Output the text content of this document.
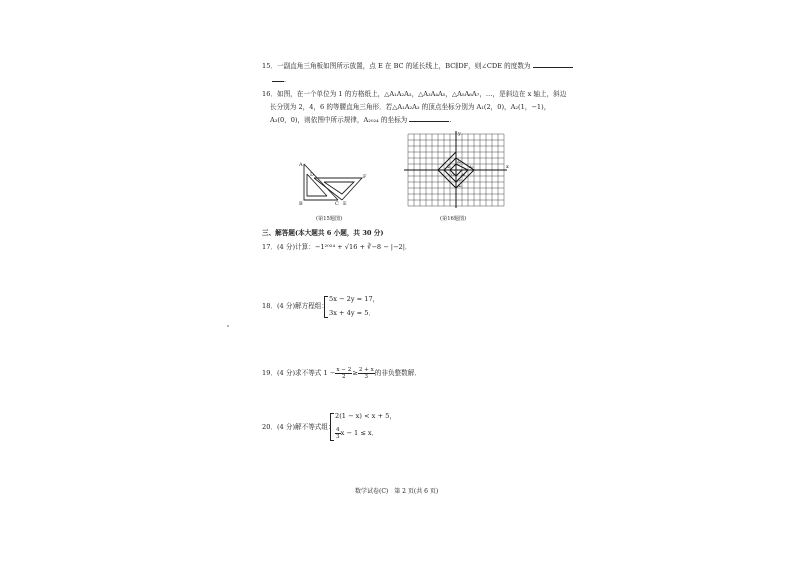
15．一副直角三角板如图所示放置，点 E 在 BC 的延长线上，BC∥DF，则∠CDE 的度数为
.
16．如图，在一个单位为 1 的方格纸上，△A₁A₂A₃，△A₃A₄A₅，△A₅A₆A₇，…，是斜边在 x 轴上，斜边
长分别为 2，4，6 的等腰直角三角形．若△A₁A₂A₃ 的顶点坐标分别为 A₁(2，0)，A₂(1，−1)，
A₃(0，0)，则依图中所示规律，A₂₀₂₄ 的坐标为	.
A
D	F
B	C E
(第15题图)
x
y
O A₁
A₂
A₃
A₄
A₅
A₆
(第16题图)
三、解答题(本大题共 6 小题，共 30 分)
17．(4 分)计算：−1²⁰²⁴ + √16 + ∛−8 − |−2|．
18．(4 分)解方程组：
5x − 2y = 17，
3x + 4y = 5．
19．(4 分)求不等式 $1 - \frac{x - 2}{2} \ge \frac{2 + x}{3}$ 的非负整数解．
20．(4 分)解不等式组：
2(1 − x) < x + 5，
$\frac{4}{3}$ x − 1 ≤ x．
数学试卷(C)　第 2 页(共 6 页)
